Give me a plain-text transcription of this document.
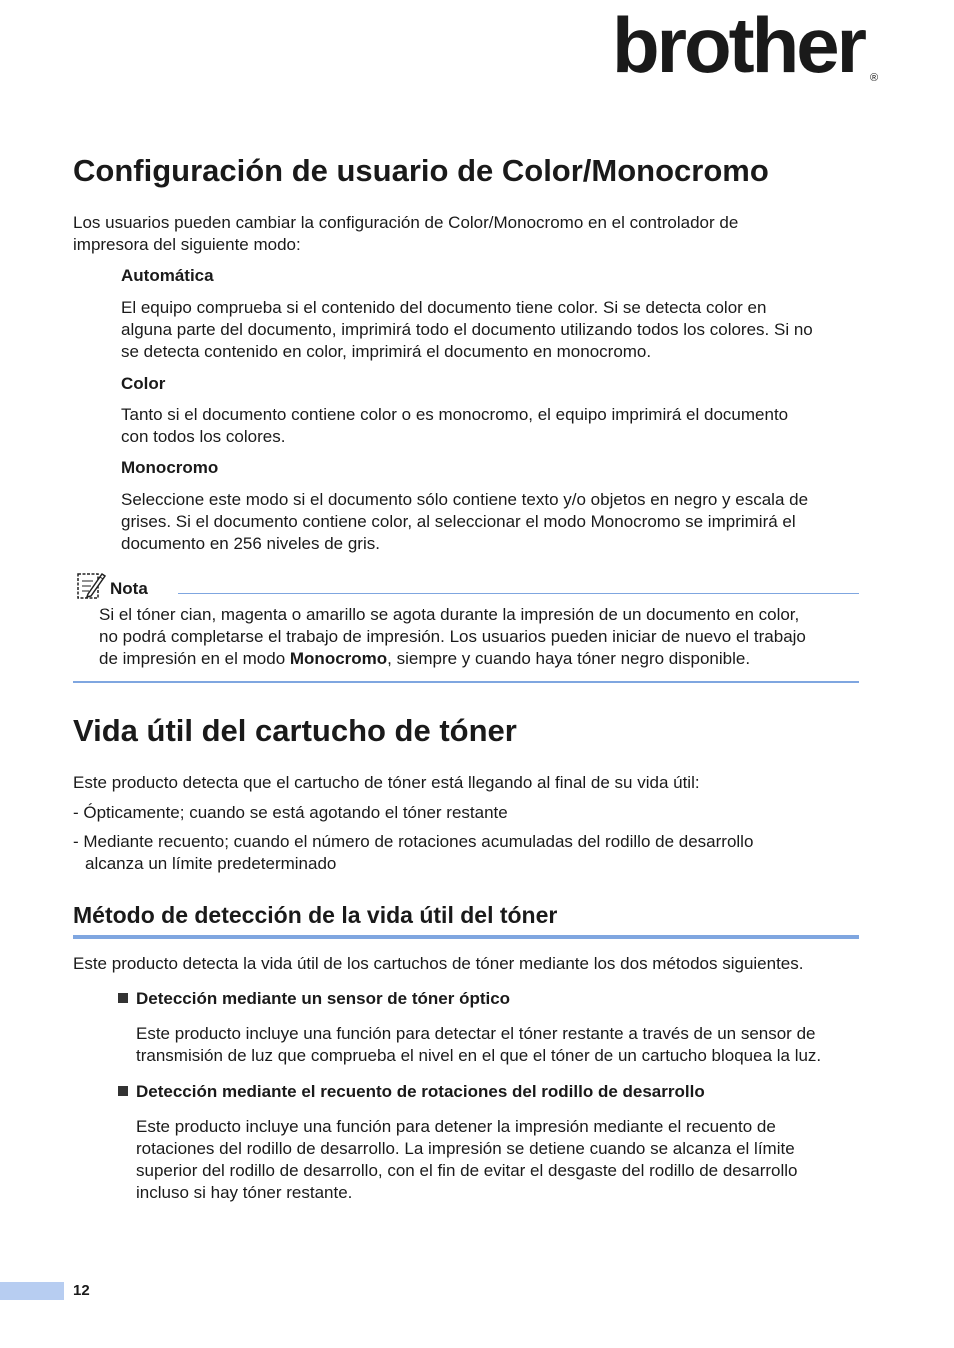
brother ®
Configuración de usuario de Color/Monocromo

Los usuarios pueden cambiar la configuración de Color/Monocromo en el controlador de

impresora del siguiente modo:

Automática

El equipo comprueba si el contenido del documento tiene color. Si se detecta color en

alguna parte del documento, imprimirá todo el documento utilizando todos los colores. Si no

se detecta contenido en color, imprimirá el documento en monocromo.

Color

Tanto si el documento contiene color o es monocromo, el equipo imprimirá el documento

con todos los colores.

Monocromo

Seleccione este modo si el documento sólo contiene texto y/o objetos en negro y escala de

grises. Si el documento contiene color, al seleccionar el modo Monocromo se imprimirá el

documento en 256 niveles de gris.

Nota

Si el tóner cian, magenta o amarillo se agota durante la impresión de un documento en color,

no podrá completarse el trabajo de impresión. Los usuarios pueden iniciar de nuevo el trabajo

de impresión en el modo Monocromo, siempre y cuando haya tóner negro disponible.

Vida útil del cartucho de tóner

Este producto detecta que el cartucho de tóner está llegando al final de su vida útil:

- Ópticamente; cuando se está agotando el tóner restante

- Mediante recuento; cuando el número de rotaciones acumuladas del rodillo de desarrollo

alcanza un límite predeterminado

Método de detección de la vida útil del tóner

Este producto detecta la vida útil de los cartuchos de tóner mediante los dos métodos siguientes.

Detección mediante un sensor de tóner óptico

Este producto incluye una función para detectar el tóner restante a través de un sensor de

transmisión de luz que comprueba el nivel en el que el tóner de un cartucho bloquea la luz.

Detección mediante el recuento de rotaciones del rodillo de desarrollo

Este producto incluye una función para detener la impresión mediante el recuento de

rotaciones del rodillo de desarrollo. La impresión se detiene cuando se alcanza el límite

superior del rodillo de desarrollo, con el fin de evitar el desgaste del rodillo de desarrollo

incluso si hay tóner restante.

12
